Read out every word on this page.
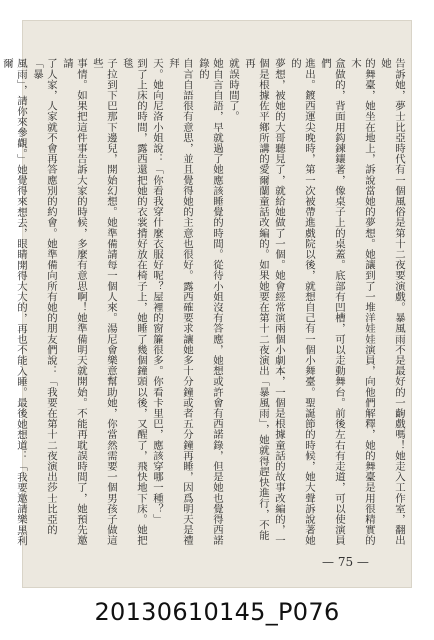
告訴她，夢士比亞時代有一個風俗是第十二夜要演戲。暴風雨不是最好的一齣戲嗎！她走入工作室，翻出她
的舞臺，她坐在地上，訴說當她的夢想。她讓到了一堆洋娃娃演員，向他們解釋，她的舞臺是用很精實的木
盒做的，背面用鈎鍊鑲著，像桌子上的桌蓋。底部有凹槽，可以走動舞台。前後左右有走道，可以使演員們
進出。鍍西運尖晚時，第一次被帶進戲院以後，就想自己有一個小舞臺。聖誕節的時候，她大聲訴說著她的
夢想，被她的大哥聽見了，就給她做了一個。她會經常演兩個小劇本，一個是根據童話的故事改編的，一
個是根據佐平鄉所講的愛爾蘭童話改編的。如果她要在第十二夜演出「暴風雨」，她就得趕快進行，不能再
就誤時間了。
她自言自語，早就過了她應該睡覺的時間。從待小姐沒有答應，她想或許會有西諾錄，但是她也覺得西諾錄的
自言自語很有意思，並且覺得她的主意也很好。露西確要求讓她多十分鐘或者五分鐘再睡，因爲明天是禮拜
天。她向尼洛小姐說：「你看我穿什麼衣服好呢？屋裡的窗簾很多。你看卡里巴，應該穿哪一種？」
到了上床的時間，露西還把她的衣裳揹好放在椅子上，她睡了幾個鐘頭以後，又醒了，飛快地下床。她把毯
子拉到下巴那下邊兒，開始幻想。她準備請每一個人來。湯尼會樂意幫助她，你當然需要一個男孩子做這些
事情。如果把這件事告訴大家的時候，多麼有意思啊！她準備明天就開始。不能再耽誤時間了，她預先邀請
了人家，人家就不會再答應別的約會。她準備向所有她的朋友們說：「我要在第十二夜演出莎士比亞的「暴
風雨」，請你來參觀。」她覺得來想去，眼睛開得大大的，再也不能入睡。最後她想道：「我要邀請樂黑利爾
— 75 —
20130610145_P076
